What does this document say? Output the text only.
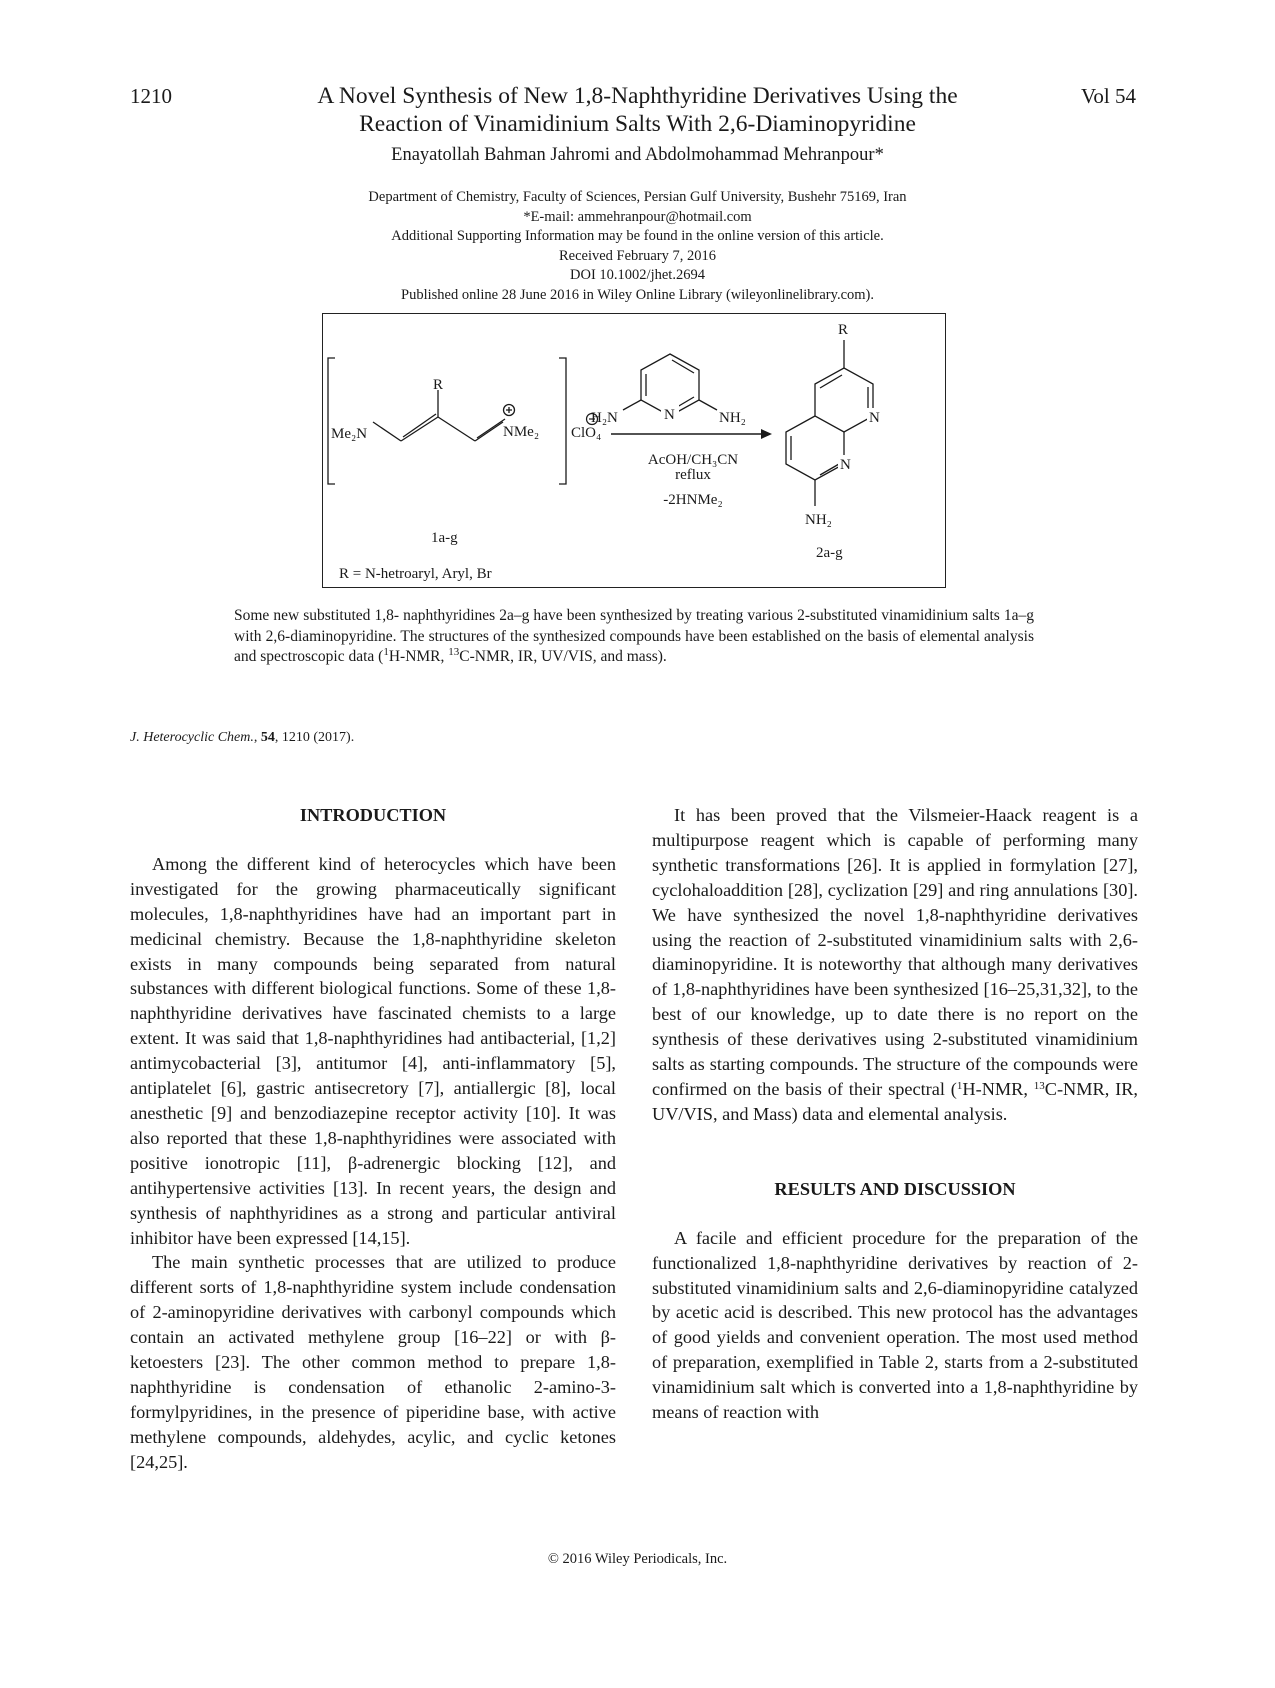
1210	Vol 54
A Novel Synthesis of New 1,8-Naphthyridine Derivatives Using the
Reaction of Vinamidinium Salts With 2,6-Diaminopyridine
Enayatollah Bahman Jahromi and Abdolmohammad Mehranpour*
Department of Chemistry, Faculty of Sciences, Persian Gulf University, Bushehr 75169, Iran
*E-mail: ammehranpour@hotmail.com
Additional Supporting Information may be found in the online version of this article.
Received February 7, 2016
DOI 10.1002/jhet.2694
Published online 28 June 2016 in Wiley Online Library (wileyonlinelibrary.com).
R
Me₂N	NMe₂ ClO₄
N
H₂N	NH₂
AcOH/CH₃CN
reflux
-2HNMe₂
N
N
R
NH₂
1a-g
2a-g
R = N-hetroaryl, Aryl, Br
Some new substituted 1,8- naphthyridines 2a–g have been synthesized by treating various 2-substituted vinamidinium salts 1a–g with 2,6-diaminopyridine. The structures of the synthesized compounds have been established on the basis of elemental analysis and spectroscopic data ($^1$H-NMR, $^{13}$C-NMR, IR, UV/VIS, and mass).
J. Heterocyclic Chem., 54, 1210 (2017).
INTRODUCTION

Among the different kind of heterocycles which have been investigated for the growing pharmaceutically significant molecules, 1,8-naphthyridines have had an important part in medicinal chemistry. Because the 1,8-naphthyridine skeleton exists in many compounds being separated from natural substances with different biological functions. Some of these 1,8-naphthyridine derivatives have fascinated chemists to a large extent. It was said that 1,8-naphthyridines had antibacterial, [1,2] antimycobacterial [3], antitumor [4], anti-inflammatory [5], antiplatelet [6], gastric antisecretory [7], antiallergic [8], local anesthetic [9] and benzodiazepine receptor activity [10]. It was also reported that these 1,8-naphthyridines were associated with positive ionotropic [11], β-adrenergic blocking [12], and antihypertensive activities [13]. In recent years, the design and synthesis of naphthyridines as a strong and particular antiviral inhibitor have been expressed [14,15].

The main synthetic processes that are utilized to produce different sorts of 1,8-naphthyridine system include condensation of 2-aminopyridine derivatives with carbonyl compounds which contain an activated methylene group [16–22] or with β-ketoesters [23]. The other common method to prepare 1,8-naphthyridine is condensation of ethanolic 2-amino-3-formylpyridines, in the presence of piperidine base, with active methylene compounds, aldehydes, acylic, and cyclic ketones [24,25].

It has been proved that the Vilsmeier-Haack reagent is a multipurpose reagent which is capable of performing many synthetic transformations [26]. It is applied in formylation [27], cyclohaloaddition [28], cyclization [29] and ring annulations [30]. We have synthesized the novel 1,8-naphthyridine derivatives using the reaction of 2-substituted vinamidinium salts with 2,6-diaminopyridine. It is noteworthy that although many derivatives of 1,8-naphthyridines have been synthesized [16–25,31,32], to the best of our knowledge, up to date there is no report on the synthesis of these derivatives using 2-substituted vinamidinium salts as starting compounds. The structure of the compounds were confirmed on the basis of their spectral ($^1$H-NMR, $^{13}$C-NMR, IR, UV/VIS, and Mass) data and elemental analysis.

RESULTS AND DISCUSSION

A facile and efficient procedure for the preparation of the functionalized 1,8-naphthyridine derivatives by reaction of 2-substituted vinamidinium salts and 2,6-diaminopyridine catalyzed by acetic acid is described. This new protocol has the advantages of good yields and convenient operation. The most used method of preparation, exemplified in Table 2, starts from a 2-substituted vinamidinium salt which is converted into a 1,8-naphthyridine by means of reaction with

© 2016 Wiley Periodicals, Inc.
